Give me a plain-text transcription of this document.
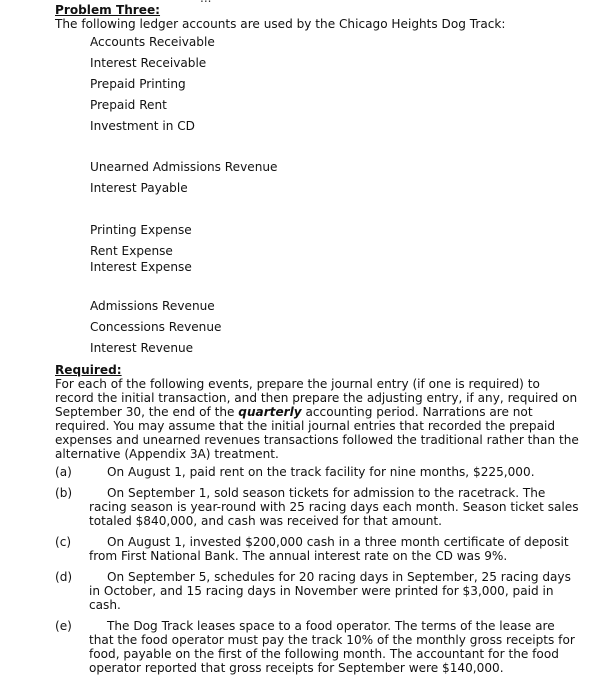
Problem Three:
The following ledger accounts are used by the Chicago Heights Dog Track:
Accounts Receivable
Interest Receivable
Prepaid Printing
Prepaid Rent
Investment in CD
Unearned Admissions Revenue
Interest Payable
Printing Expense
Rent Expense
Interest Expense
Admissions Revenue
Concessions Revenue
Interest Revenue
Required:
For each of the following events, prepare the journal entry (if one is required) to record the initial transaction, and then prepare the adjusting entry, if any, required on September 30, the end of the quarterly accounting period. Narrations are not required. You may assume that the initial journal entries that recorded the prepaid expenses and unearned revenues transactions followed the traditional rather than the alternative (Appendix 3A) treatment.
(a)	On August 1, paid rent on the track facility for nine months, $225,000.
(b)	On September 1, sold season tickets for admission to the racetrack. The racing season is year-round with 25 racing days each month. Season ticket sales totaled $840,000, and cash was received for that amount.
(c)	On August 1, invested $200,000 cash in a three month certificate of deposit from First National Bank. The annual interest rate on the CD was 9%.
(d)	On September 5, schedules for 20 racing days in September, 25 racing days in October, and 15 racing days in November were printed for $3,000, paid in cash.
(e)	The Dog Track leases space to a food operator. The terms of the lease are that the food operator must pay the track 10% of the monthly gross receipts for food, payable on the first of the following month. The accountant for the food operator reported that gross receipts for September were $140,000.
